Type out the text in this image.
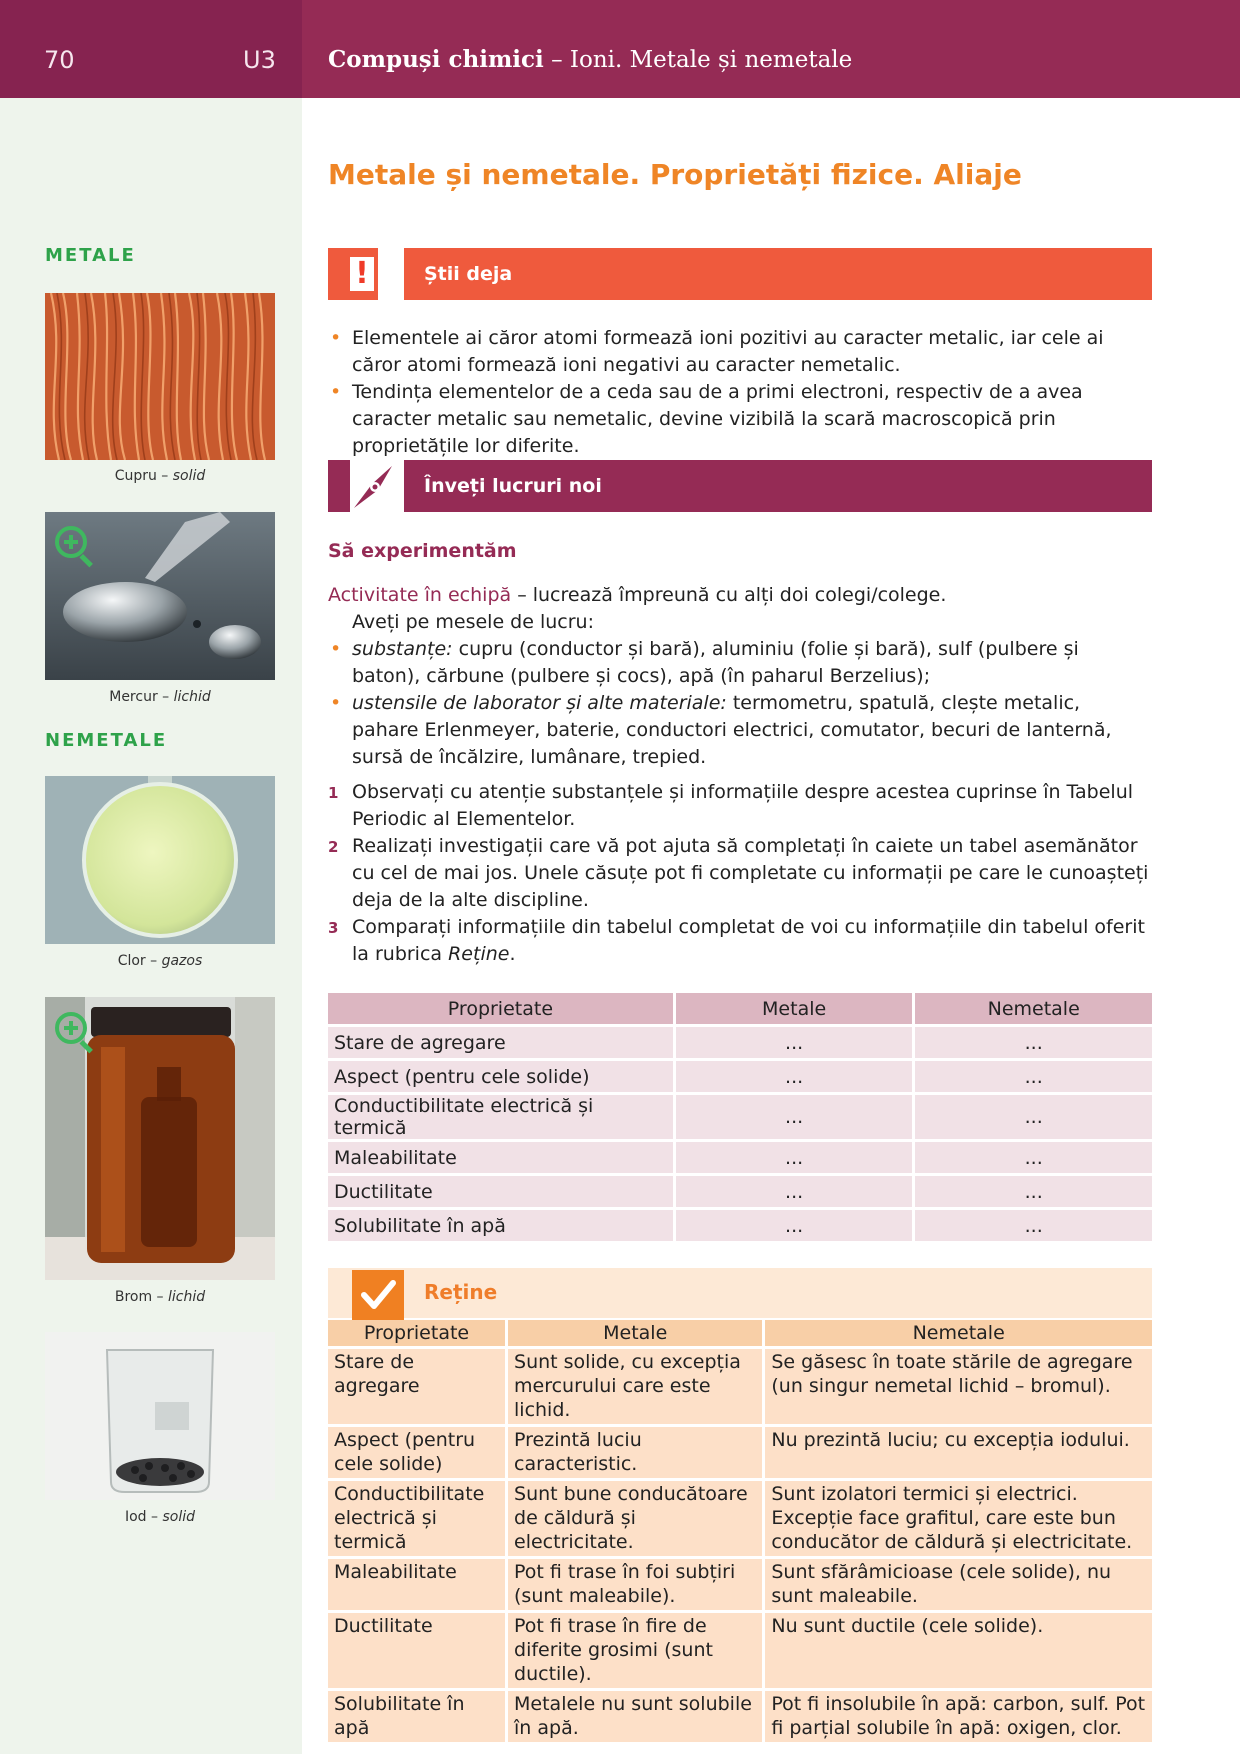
70	U3 Compuși chimici – Ioni. Metale și nemetale
METALE
Cupru – solid
Mercur – lichid
NEMETALE
Clor – gazos
Brom – lichid
Iod – solid
Metale și nemetale. Proprietăți fizice. Aliaje
!	Știi deja
• Elementele ai căror atomi formează ioni pozitivi au caracter metalic, iar cele ai căror atomi formează ioni negativi au caracter nemetalic.
• Tendința elementelor de a ceda sau de a primi electroni, respectiv de a avea caracter metalic sau nemetalic, devine vizibilă la scară macroscopică prin proprietățile lor diferite.
Înveți lucruri noi
Să experimentăm
Activitate în echipă – lucrează împreună cu alți doi colegi/colege.
Aveți pe mesele de lucru:
• substanțe: cupru (conductor și bară), aluminiu (folie și bară), sulf (pulbere și baton), cărbune (pulbere și cocs), apă (în paharul Berzelius);
• ustensile de laborator și alte materiale: termometru, spatulă, clește metalic, pahare Erlenmeyer, baterie, conductori electrici, comutator, becuri de lanternă, sursă de încălzire, lumânare, trepied.
1 Observați cu atenție substanțele și informațiile despre acestea cuprinse în Tabelul Periodic al Elementelor.
2 Realizați investigații care vă pot ajuta să completați în caiete un tabel asemănător cu cel de mai jos. Unele căsuțe pot fi completate cu informații pe care le cunoașteți deja de la alte discipline.
3 Comparați informațiile din tabelul completat de voi cu informațiile din tabelul oferit la rubrica Reține.
Proprietate	Metale	Nemetale
Stare de agregare	...	...
Aspect (pentru cele solide)	...	...
Conductibilitate electrică și termică	...	...
Maleabilitate	...	...
Ductilitate	...	...
Solubilitate în apă	...	...
Reține
Proprietate	Metale	Nemetale
Stare de agregare	Sunt solide, cu excepția mercurului care este lichid.	Se găsesc în toate stările de agregare (un singur nemetal lichid – bromul).
Aspect (pentru cele solide)	Prezintă luciu caracteristic.	Nu prezintă luciu; cu excepția iodului.
Conductibilitate electrică și termică	Sunt bune conducătoare de căldură și electricitate.	Sunt izolatori termici și electrici. Excepție face grafitul, care este bun conducător de căldură și electricitate.
Maleabilitate	Pot fi trase în foi subțiri (sunt maleabile).	Sunt sfărâmicioase (cele solide), nu sunt maleabile.
Ductilitate	Pot fi trase în fire de diferite grosimi (sunt ductile).	Nu sunt ductile (cele solide).
Solubilitate în apă	Metalele nu sunt solubile în apă.	Pot fi insolubile în apă: carbon, sulf. Pot fi parțial solubile în apă: oxigen, clor.
